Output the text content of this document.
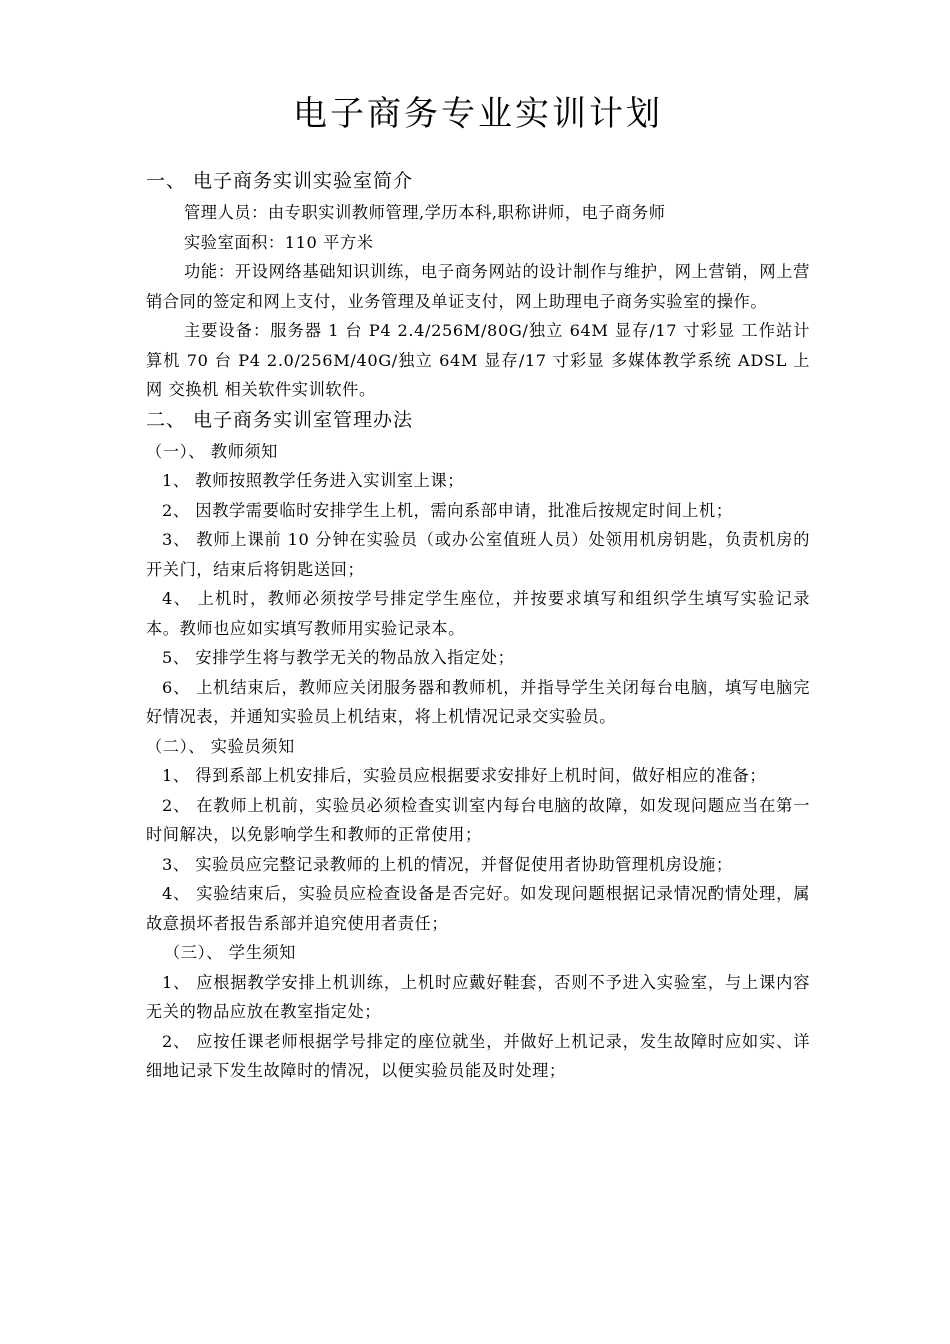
电子商务专业实训计划
一、 电子商务实训实验室简介

管理人员：由专职实训教师管理,学历本科,职称讲师，电子商务师

实验室面积：110 平方米

功能：开设网络基础知识训练，电子商务网站的设计制作与维护，网上营销，网上营销合同的签定和网上支付，业务管理及单证支付，网上助理电子商务实验室的操作。

主要设备：服务器 1 台 P4 2.4/256M/80G/独立 64M 显存/17 寸彩显 工作站计算机 70 台 P4 2.0/256M/40G/独立 64M 显存/17 寸彩显 多媒体教学系统 ADSL 上网 交换机 相关软件实训软件。

二、 电子商务实训室管理办法

（一）、 教师须知

1、 教师按照教学任务进入实训室上课；

2、 因教学需要临时安排学生上机，需向系部申请，批准后按规定时间上机；

3、 教师上课前 10 分钟在实验员（或办公室值班人员）处领用机房钥匙，负责机房的开关门，结束后将钥匙送回；

4、 上机时，教师必须按学号排定学生座位，并按要求填写和组织学生填写实验记录本。教师也应如实填写教师用实验记录本。

5、 安排学生将与教学无关的物品放入指定处；

6、 上机结束后，教师应关闭服务器和教师机，并指导学生关闭每台电脑，填写电脑完好情况表，并通知实验员上机结束，将上机情况记录交实验员。

（二）、 实验员须知

1、 得到系部上机安排后，实验员应根据要求安排好上机时间，做好相应的准备；

2、 在教师上机前，实验员必须检查实训室内每台电脑的故障，如发现问题应当在第一时间解决，以免影响学生和教师的正常使用；

3、 实验员应完整记录教师的上机的情况，并督促使用者协助管理机房设施；

4、 实验结束后，实验员应检查设备是否完好。如发现问题根据记录情况酌情处理，属故意损坏者报告系部并追究使用者责任；

（三）、 学生须知

1、 应根据教学安排上机训练，上机时应戴好鞋套，否则不予进入实验室，与上课内容无关的物品应放在教室指定处；

2、 应按任课老师根据学号排定的座位就坐，并做好上机记录，发生故障时应如实、详细地记录下发生故障时的情况，以便实验员能及时处理；
